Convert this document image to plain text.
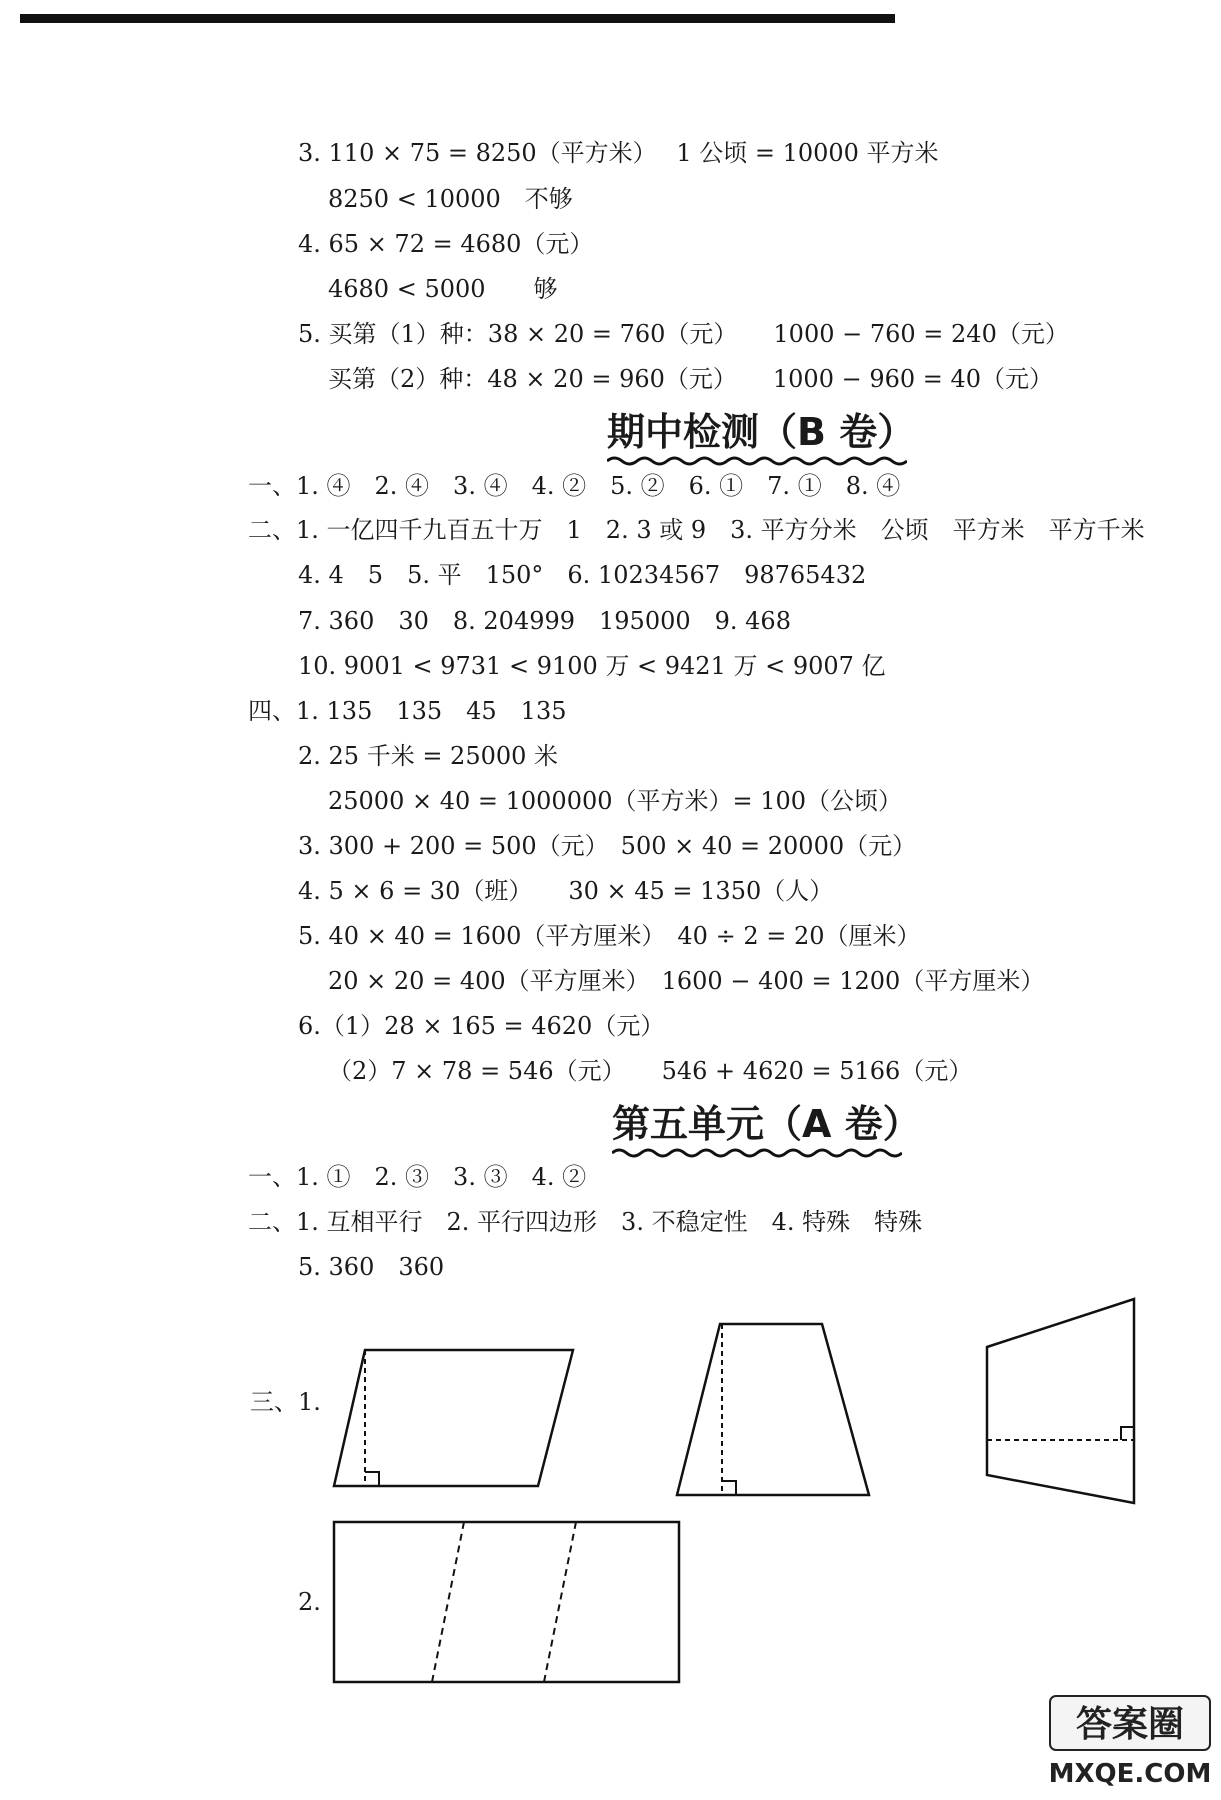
3. 110 × 75 = 8250（平方米）　 1 公顷 = 10000 平方米
8250 < 10000　不够
4. 65 × 72 = 4680（元）
4680 < 5000　　够
5. 买第（1）种：38 × 20 = 760（元）　　1000 − 760 = 240（元）
买第（2）种：48 × 20 = 960（元）　　1000 − 960 = 40（元）
期中检测（B 卷）
一、1. ④　2. ④　3. ④　4. ②　5. ②　6. ①　7. ①　8. ④
二、1. 一亿四千九百五十万　1　2. 3 或 9　3. 平方分米　公顷　平方米　平方千米
4. 4　5　5. 平　150°　6. 10234567　98765432
7. 360　30　8. 204999　195000　9. 468
10. 9001 < 9731 < 9100 万 < 9421 万 < 9007 亿
四、1. 135　135　45　135
2. 25 千米 = 25000 米
25000 × 40 = 1000000（平方米）= 100（公顷）
3. 300 + 200 = 500（元）　500 × 40 = 20000（元）
4. 5 × 6 = 30（班）　　30 × 45 = 1350（人）
5. 40 × 40 = 1600（平方厘米）　40 ÷ 2 = 20（厘米）
20 × 20 = 400（平方厘米）　1600 − 400 = 1200（平方厘米）
6.（1）28 × 165 = 4620（元）
（2）7 × 78 = 546（元）　　546 + 4620 = 5166（元）
第五单元（A 卷）
一、1. ①　2. ③　3. ③　4. ②
二、1. 互相平行　2. 平行四边形　3. 不稳定性　4. 特殊　特殊
5. 360　360
三、1.
2.
答案圈
MXQE.COM
